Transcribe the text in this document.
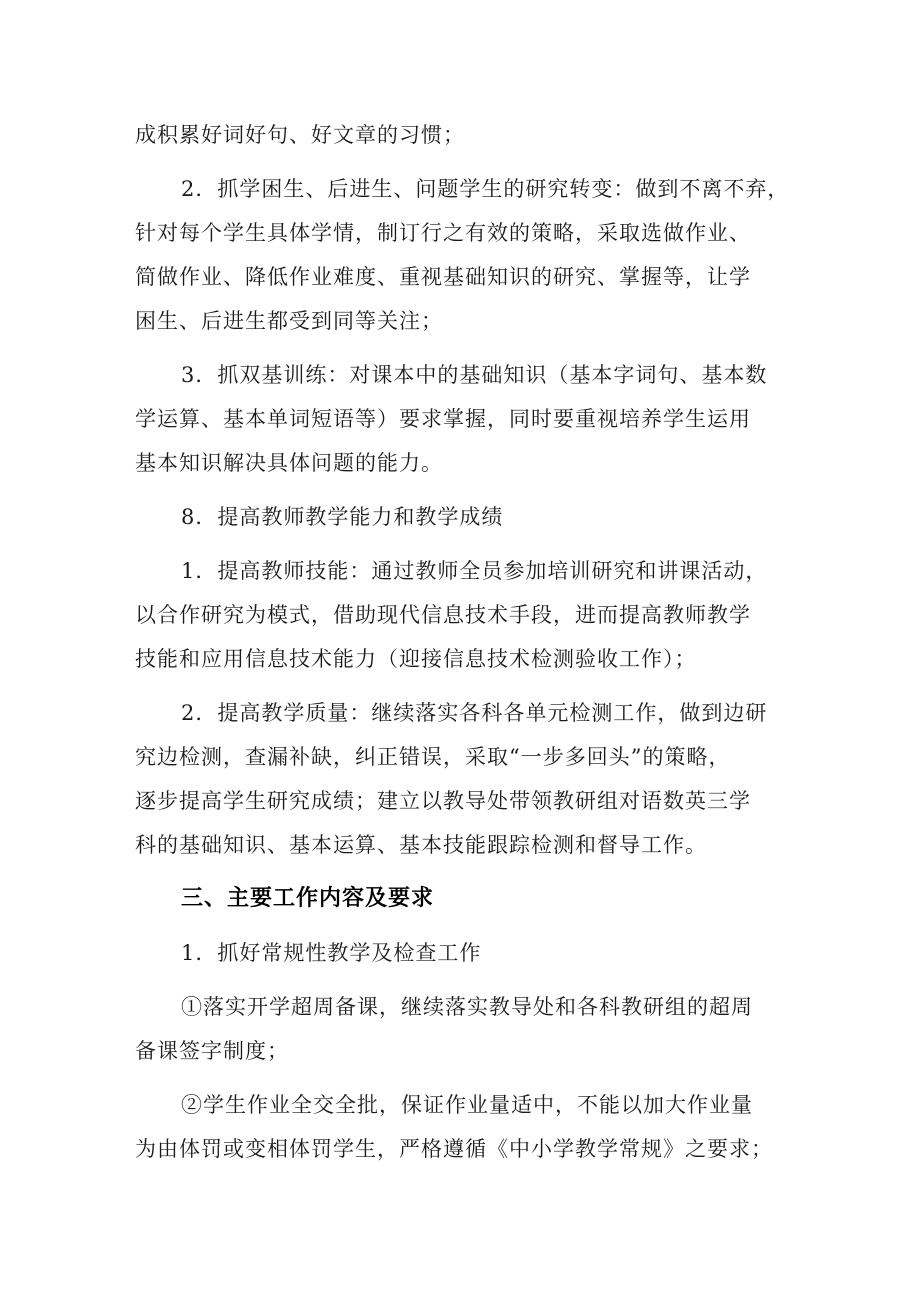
成积累好词好句、好文章的习惯；
2．抓学困生、后进生、问题学生的研究转变：做到不离不弃，
针对每个学生具体学情，制订行之有效的策略，采取选做作业、
简做作业、降低作业难度、重视基础知识的研究、掌握等，让学
困生、后进生都受到同等关注；
3．抓双基训练：对课本中的基础知识（基本字词句、基本数
学运算、基本单词短语等）要求掌握，同时要重视培养学生运用
基本知识解决具体问题的能力。
8．提高教师教学能力和教学成绩
1．提高教师技能：通过教师全员参加培训研究和讲课活动，
以合作研究为模式，借助现代信息技术手段，进而提高教师教学
技能和应用信息技术能力（迎接信息技术检测验收工作）；
2．提高教学质量：继续落实各科各单元检测工作，做到边研
究边检测，查漏补缺，纠正错误，采取“一步多回头”的策略，
逐步提高学生研究成绩；建立以教导处带领教研组对语数英三学
科的基础知识、基本运算、基本技能跟踪检测和督导工作。
三、主要工作内容及要求
1．抓好常规性教学及检查工作
①落实开学超周备课，继续落实教导处和各科教研组的超周
备课签字制度；
②学生作业全交全批，保证作业量适中，不能以加大作业量
为由体罚或变相体罚学生，严格遵循《中小学教学常规》之要求；
